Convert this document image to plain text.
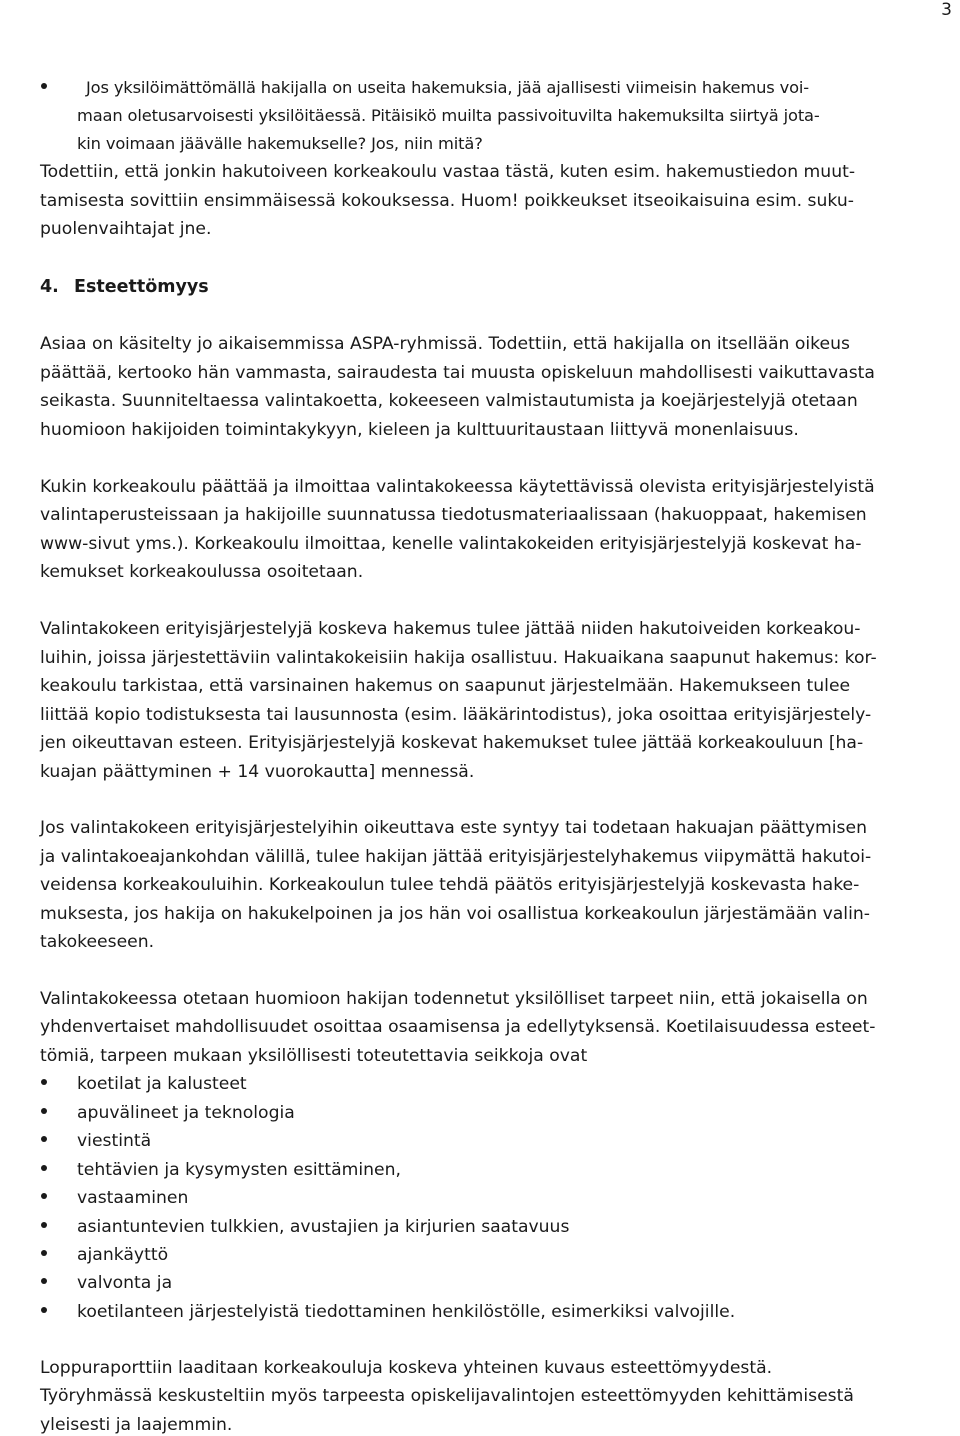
3

Jos yksilöimättömällä hakijalla on useita hakemuksia, jää ajallisesti viimeisin hakemus voi-

maan oletusarvoisesti yksilöitäessä. Pitäisikö muilta passivoituvilta hakemuksilta siirtyä jota-

kin voimaan jäävälle hakemukselle? Jos, niin mitä?

Todettiin, että jonkin hakutoiveen korkeakoulu vastaa tästä, kuten esim. hakemustiedon muut-

tamisesta sovittiin ensimmäisessä kokouksessa. Huom! poikkeukset itseoikaisuina esim. suku-

puolenvaihtajat jne.

4. Esteettömyys

Asiaa on käsitelty jo aikaisemmissa ASPA-ryhmissä. Todettiin, että hakijalla on itsellään oikeus

päättää, kertooko hän vammasta, sairaudesta tai muusta opiskeluun mahdollisesti vaikuttavasta

seikasta. Suunniteltaessa valintakoetta, kokeeseen valmistautumista ja koejärjestelyjä otetaan

huomioon hakijoiden toimintakykyyn, kieleen ja kulttuuritaustaan liittyvä monenlaisuus.

Kukin korkeakoulu päättää ja ilmoittaa valintakokeessa käytettävissä olevista erityisjärjestelyistä

valintaperusteissaan ja hakijoille suunnatussa tiedotusmateriaalissaan (hakuoppaat, hakemisen

www-sivut yms.). Korkeakoulu ilmoittaa, kenelle valintakokeiden erityisjärjestelyjä koskevat ha-

kemukset korkeakoulussa osoitetaan.

Valintakokeen erityisjärjestelyjä koskeva hakemus tulee jättää niiden hakutoiveiden korkeakou-

luihin, joissa järjestettäviin valintakokeisiin hakija osallistuu. Hakuaikana saapunut hakemus: kor-

keakoulu tarkistaa, että varsinainen hakemus on saapunut järjestelmään. Hakemukseen tulee

liittää kopio todistuksesta tai lausunnosta (esim. lääkärintodistus), joka osoittaa erityisjärjestely-

jen oikeuttavan esteen. Erityisjärjestelyjä koskevat hakemukset tulee jättää korkeakouluun [ha-

kuajan päättyminen + 14 vuorokautta] mennessä.

Jos valintakokeen erityisjärjestelyihin oikeuttava este syntyy tai todetaan hakuajan päättymisen

ja valintakoeajankohdan välillä, tulee hakijan jättää erityisjärjestelyhakemus viipymättä hakutoi-

veidensa korkeakouluihin. Korkeakoulun tulee tehdä päätös erityisjärjestelyjä koskevasta hake-

muksesta, jos hakija on hakukelpoinen ja jos hän voi osallistua korkeakoulun järjestämään valin-

takokeeseen.

Valintakokeessa otetaan huomioon hakijan todennetut yksilölliset tarpeet niin, että jokaisella on

yhdenvertaiset mahdollisuudet osoittaa osaamisensa ja edellytyksensä. Koetilaisuudessa esteet-

tömiä, tarpeen mukaan yksilöllisesti toteutettavia seikkoja ovat

koetilat ja kalusteet

apuvälineet ja teknologia

viestintä

tehtävien ja kysymysten esittäminen,

vastaaminen

asiantuntevien tulkkien, avustajien ja kirjurien saatavuus

ajankäyttö

valvonta ja

koetilanteen järjestelyistä tiedottaminen henkilöstölle, esimerkiksi valvojille.

Loppuraporttiin laaditaan korkeakouluja koskeva yhteinen kuvaus esteettömyydestä.

Työryhmässä keskusteltiin myös tarpeesta opiskelijavalintojen esteettömyyden kehittämisestä

yleisesti ja laajemmin.
